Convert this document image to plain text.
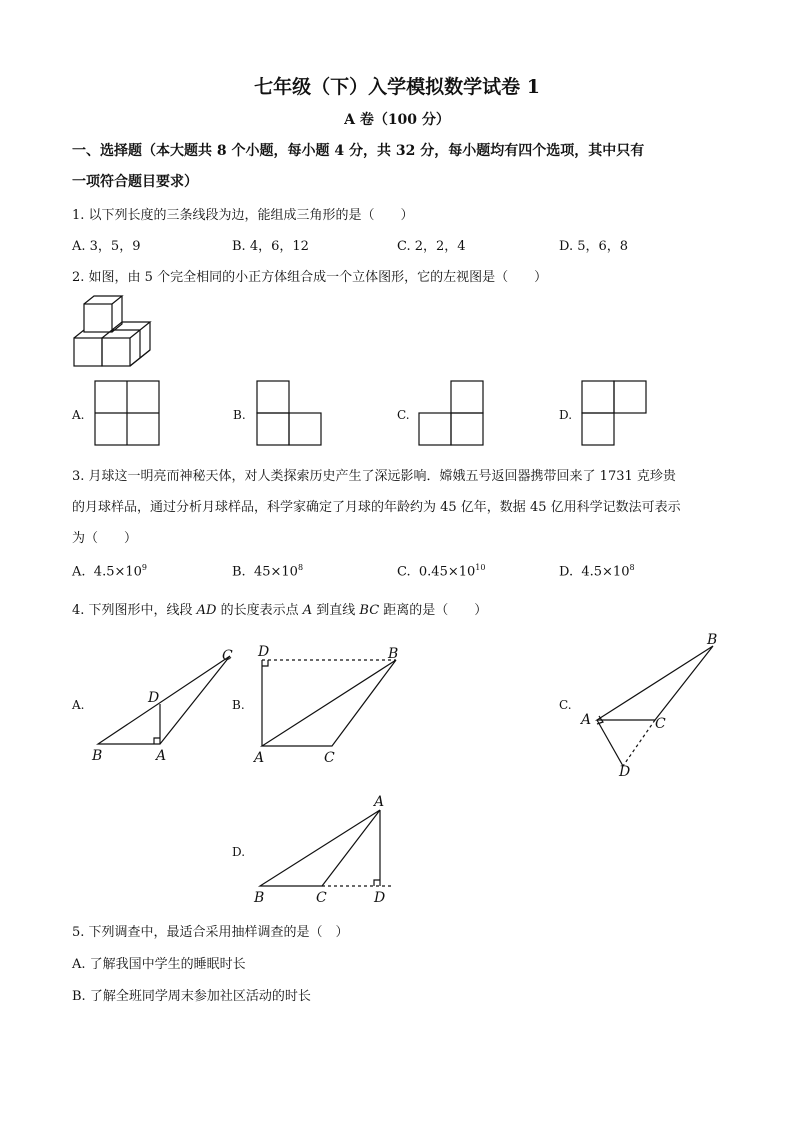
七年级（下）入学模拟数学试卷 1
A 卷（100 分）
一、选择题（本大题共 8 个小题，每小题 4 分，共 32 分，每小题均有四个选项，其中只有
一项符合题目要求）
1. 以下列长度的三条线段为边，能组成三角形的是（　　）
A. 3，5，9	B. 4，6，12	C. 2，2，4	D. 5，6，8
2. 如图，由 5 个完全相同的小正方体组合成一个立体图形，它的左视图是（　　）
A.	B.	C.	D.
3. 月球这一明亮而神秘天体，对人类探索历史产生了深远影响．嫦娥五号返回器携带回来了 1731 克珍贵
的月球样品，通过分析月球样品，科学家确定了月球的年龄约为 45 亿年，数据 45 亿用科学记数法可表示
为（　　）
A. $4.5\times 10^9$	B. $45\times 10^8$	C. $0.45\times 10^{10}$	D. $4.5\times 10^8$
4. 下列图形中，线段 AD 的长度表示点 A 到直线 BC 距离的是（　　）
A.
B	A
C
D	B.
A	C
B
D
C.
A	C
B
D
D.
B	C
A
D
5. 下列调查中，最适合采用抽样调查的是（　）
A. 了解我国中学生的睡眠时长
B. 了解全班同学周末参加社区活动的时长
